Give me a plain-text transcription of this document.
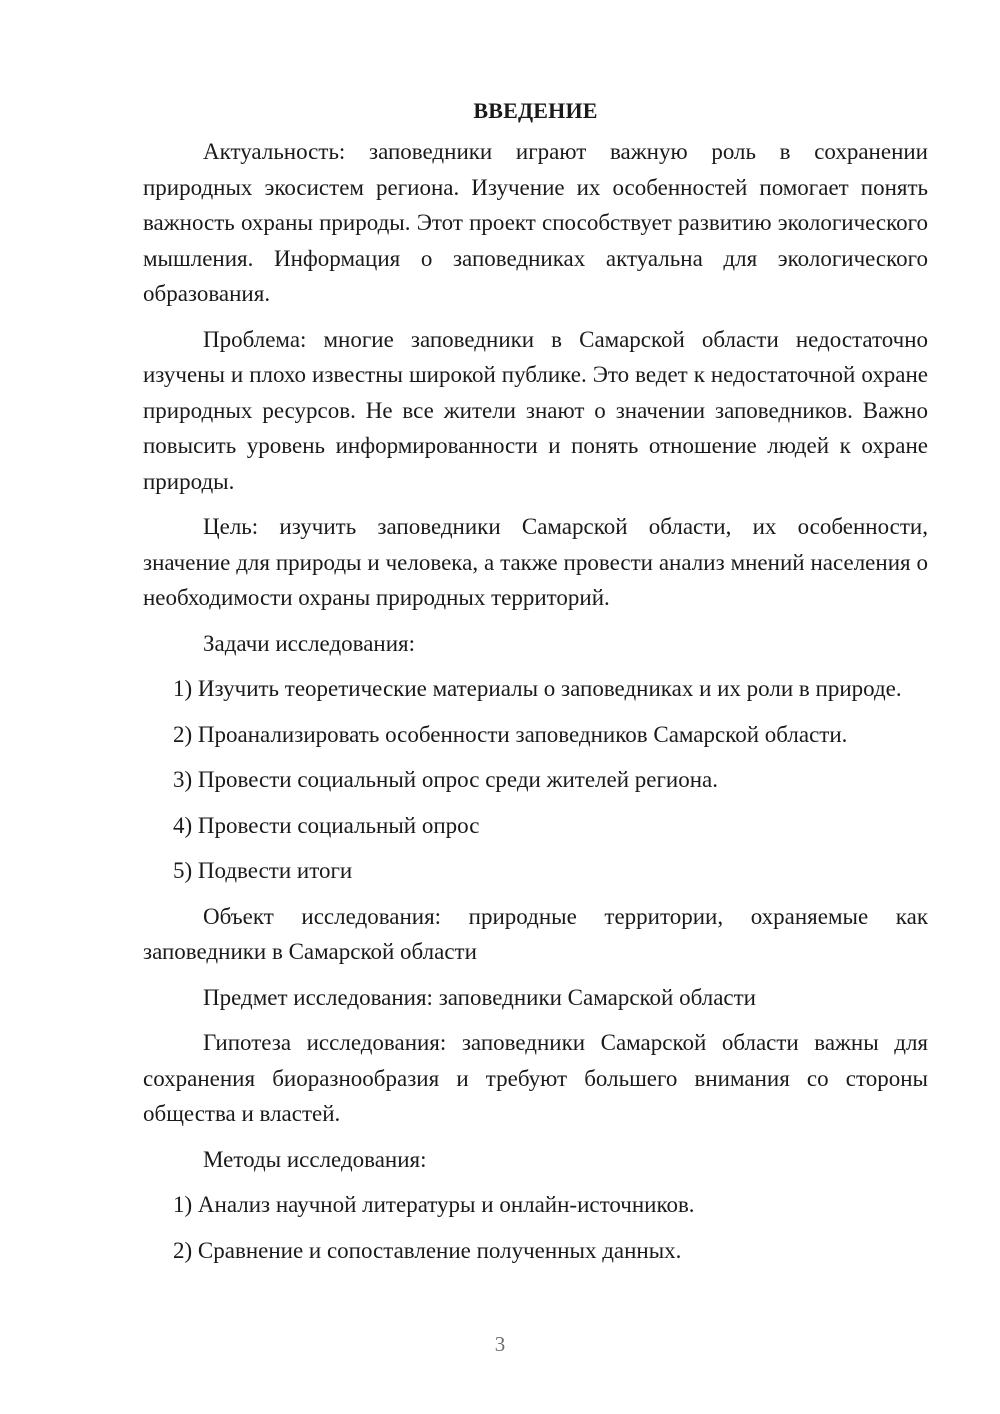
ВВЕДЕНИЕ

Актуальность: заповедники играют важную роль в сохранении природных экосистем региона. Изучение их особенностей помогает понять важность охраны природы. Этот проект способствует развитию экологического мышления. Информация о заповедниках актуальна для экологического образования.

Проблема: многие заповедники в Самарской области недостаточно изучены и плохо известны широкой публике. Это ведет к недостаточной охране природных ресурсов. Не все жители знают о значении заповедников. Важно повысить уровень информированности и понять отношение людей к охране природы.

Цель: изучить заповедники Самарской области, их особенности, значение для природы и человека, а также провести анализ мнений населения о необходимости охраны природных территорий.

Задачи исследования:

1) Изучить теоретические материалы о заповедниках и их роли в природе.

2) Проанализировать особенности заповедников Самарской области.

3) Провести социальный опрос среди жителей региона.

4) Провести социальный опрос

5) Подвести итоги

Объект исследования: природные территории, охраняемые как заповедники в Самарской области

Предмет исследования: заповедники Самарской области

Гипотеза исследования: заповедники Самарской области важны для сохранения биоразнообразия и требуют большего внимания со стороны общества и властей.

Методы исследования:

1) Анализ научной литературы и онлайн-источников.

2) Сравнение и сопоставление полученных данных.

3
